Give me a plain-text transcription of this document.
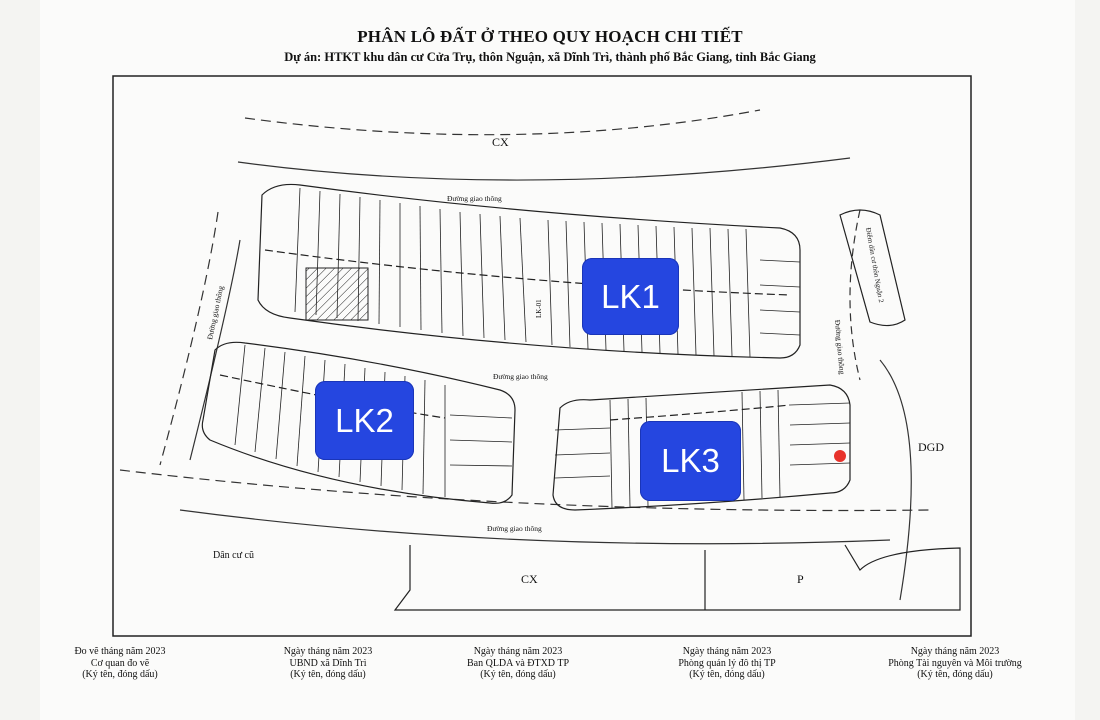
PHÂN LÔ ĐẤT Ở THEO QUY HOẠCH CHI TIẾT
Dự án: HTKT khu dân cư Cửa Trụ, thôn Nguận, xã Dĩnh Trì, thành phố Bắc Giang, tỉnh Bắc Giang
CX
Đường giao thông
Đường giao thông
Đường giao thông
Đường giao thông
Đường giao thông
LK-01
Điểm dân cư thôn Nguận 2
DGD
Dân cư cũ
CX	P
LK1
LK2
LK3
Đo vẽ tháng năm 2023
Cơ quan đo vẽ
(Ký tên, đóng dấu)
Ngày tháng năm 2023
UBND xã Dĩnh Trì
(Ký tên, đóng dấu)
Ngày tháng năm 2023
Ban QLDA và ĐTXD TP
(Ký tên, đóng dấu)
Ngày tháng năm 2023
Phòng quản lý đô thị TP
(Ký tên, đóng dấu)
Ngày tháng năm 2023
Phòng Tài nguyên và Môi trường
(Ký tên, đóng dấu)
